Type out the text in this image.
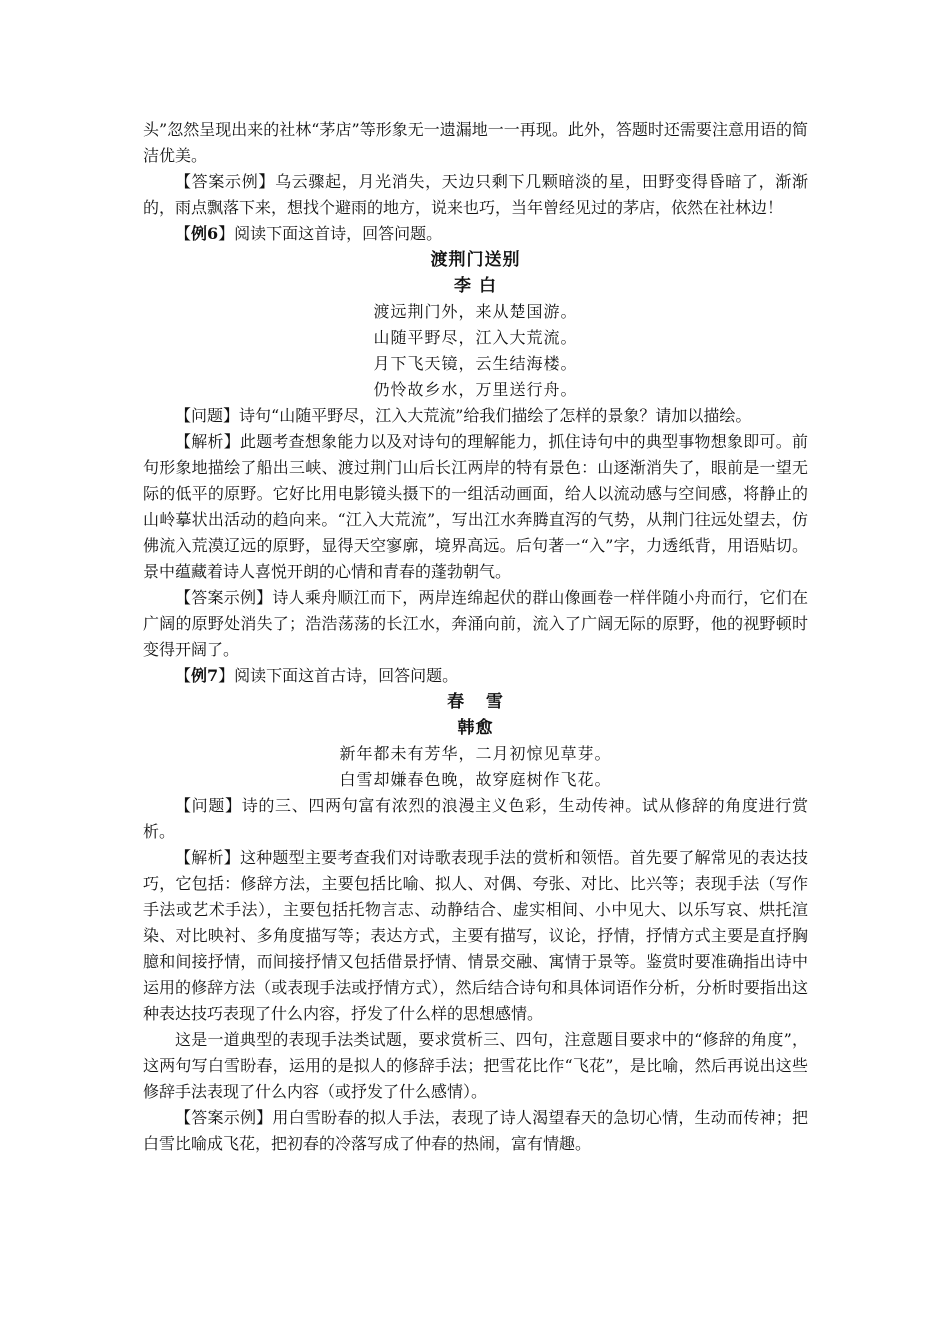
头”忽然呈现出来的社林“茅店”等形象无一遗漏地一一再现。此外，答题时还需要注意用语的简洁优美。

【答案示例】乌云骤起，月光消失，天边只剩下几颗暗淡的星，田野变得昏暗了，渐渐的，雨点飘落下来，想找个避雨的地方，说来也巧，当年曾经见过的茅店，依然在社林边！

【例6】阅读下面这首诗，回答问题。

渡荆门送别
李 白
渡远荆门外，来从楚国游。
山随平野尽，江入大荒流。
月下飞天镜，云生结海楼。
仍怜故乡水，万里送行舟。

【问题】诗句“山随平野尽，江入大荒流”给我们描绘了怎样的景象？请加以描绘。

【解析】此题考查想象能力以及对诗句的理解能力，抓住诗句中的典型事物想象即可。前句形象地描绘了船出三峡、渡过荆门山后长江两岸的特有景色：山逐渐消失了，眼前是一望无际的低平的原野。它好比用电影镜头摄下的一组活动画面，给人以流动感与空间感，将静止的山岭摹状出活动的趋向来。“江入大荒流”，写出江水奔腾直泻的气势，从荆门往远处望去，仿佛流入荒漠辽远的原野，显得天空寥廓，境界高远。后句著一“入”字，力透纸背，用语贴切。景中蕴藏着诗人喜悦开朗的心情和青春的蓬勃朝气。

【答案示例】诗人乘舟顺江而下，两岸连绵起伏的群山像画卷一样伴随小舟而行，它们在广阔的原野处消失了；浩浩荡荡的长江水，奔涌向前，流入了广阔无际的原野，他的视野顿时变得开阔了。

【例7】阅读下面这首古诗，回答问题。

春   雪
韩愈
新年都未有芳华，二月初惊见草芽。
白雪却嫌春色晚，故穿庭树作飞花。

【问题】诗的三、四两句富有浓烈的浪漫主义色彩，生动传神。试从修辞的角度进行赏析。

【解析】这种题型主要考查我们对诗歌表现手法的赏析和领悟。首先要了解常见的表达技巧，它包括：修辞方法，主要包括比喻、拟人、对偶、夸张、对比、比兴等；表现手法（写作手法或艺术手法），主要包括托物言志、动静结合、虚实相间、小中见大、以乐写哀、烘托渲染、对比映衬、多角度描写等；表达方式，主要有描写，议论，抒情，抒情方式主要是直抒胸臆和间接抒情，而间接抒情又包括借景抒情、情景交融、寓情于景等。鉴赏时要准确指出诗中运用的修辞方法（或表现手法或抒情方式），然后结合诗句和具体词语作分析，分析时要指出这种表达技巧表现了什么内容，抒发了什么样的思想感情。

这是一道典型的表现手法类试题，要求赏析三、四句，注意题目要求中的“修辞的角度”，这两句写白雪盼春，运用的是拟人的修辞手法；把雪花比作“飞花”，是比喻，然后再说出这些修辞手法表现了什么内容（或抒发了什么感情）。

【答案示例】用白雪盼春的拟人手法，表现了诗人渴望春天的急切心情，生动而传神；把白雪比喻成飞花，把初春的冷落写成了仲春的热闹，富有情趣。
